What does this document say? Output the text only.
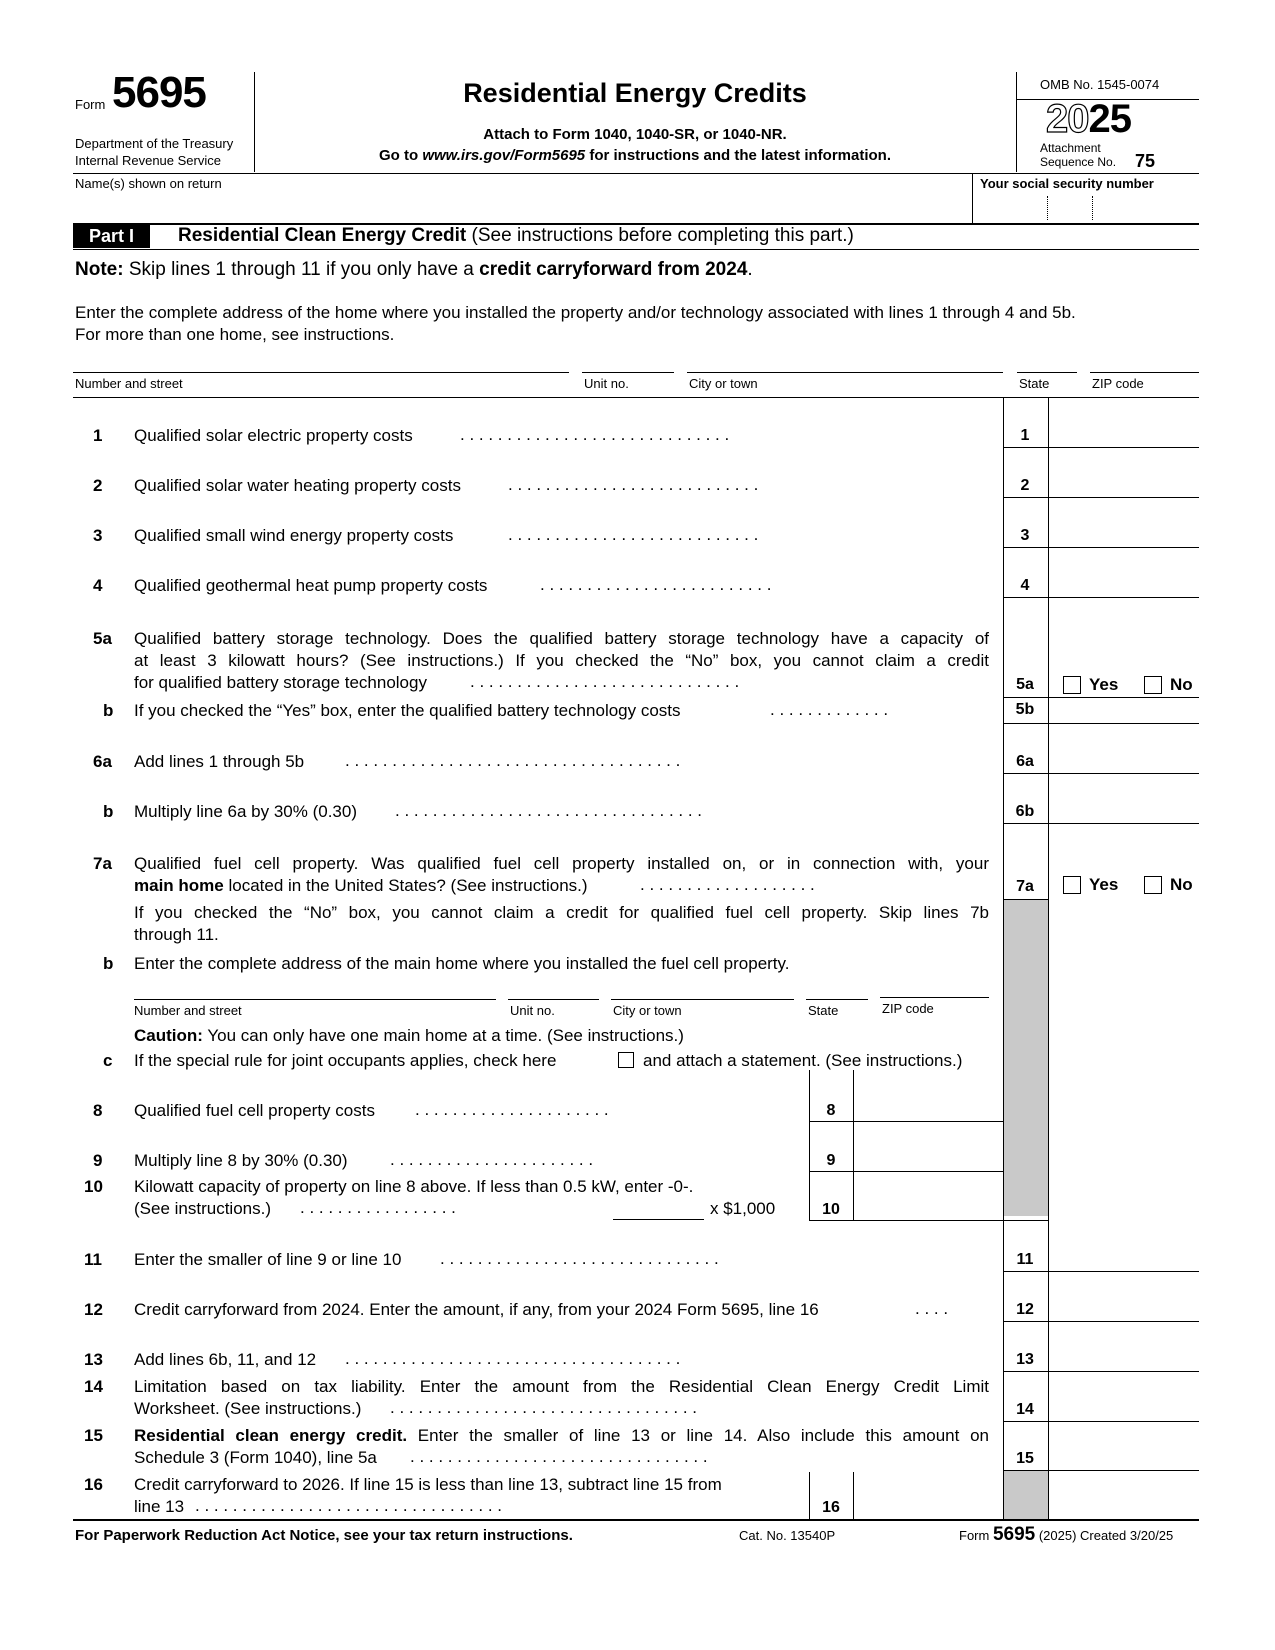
Form 5695
Department of the Treasury
Internal Revenue Service
Residential Energy Credits
Attach to Form 1040, 1040-SR, or 1040-NR.
Go to www.irs.gov/Form5695 for instructions and the latest information.
OMB No. 1545-0074
2025
Attachment
Sequence No. 75
Name(s) shown on return	Your social security number
Part I	Residential Clean Energy Credit (See instructions before completing this part.)
Note: Skip lines 1 through 11 if you only have a credit carryforward from 2024.
Enter the complete address of the home where you installed the property and/or technology associated with lines 1 through 4 and 5b.
For more than one home, see instructions.
Number and street	Unit no.	City or town	State	ZIP code
1 Qualified solar electric property costs	. . . . . . . . . . . . . . . . . . . . . . . . . . . . .	1
2 Qualified solar water heating property costs	. . . . . . . . . . . . . . . . . . . . . . . . . . .	2
3 Qualified small wind energy property costs	. . . . . . . . . . . . . . . . . . . . . . . . . . .	3
4 Qualified geothermal heat pump property costs	. . . . . . . . . . . . . . . . . . . . . . . . .	4
5a Qualified battery storage technology. Does the qualified battery storage technology have a capacity of
at least 3 kilowatt hours? (See instructions.) If you checked the “No” box, you cannot claim a credit
for qualified battery storage technology	. . . . . . . . . . . . . . . . . . . . . . . . . . . . .	5a	Yes	No
b If you checked the “Yes” box, enter the qualified battery technology costs	. . . . . . . . . . . . .	5b
6a Add lines 1 through 5b . . . . . . . . . . . . . . . . . . . . . . . . . . . . . . . . . . . .	6a
b Multiply line 6a by 30% (0.30) . . . . . . . . . . . . . . . . . . . . . . . . . . . . . . . . .	6b
7a Qualified fuel cell property. Was qualified fuel cell property installed on, or in connection with, your
main home located in the United States? (See instructions.)	. . . . . . . . . . . . . . . . . . .	7a	Yes	No
If you checked the “No” box, you cannot claim a credit for qualified fuel cell property. Skip lines 7b
through 11.
b Enter the complete address of the main home where you installed the fuel cell property.
Number and street	Unit no.	City or town	State	ZIP code
Caution: You can only have one main home at a time. (See instructions.)
c If the special rule for joint occupants applies, check here	and attach a statement. (See instructions.)
8 Qualified fuel cell property costs . . . . . . . . . . . . . . . . . . . . .	8
9 Multiply line 8 by 30% (0.30) . . . . . . . . . . . . . . . . . . . . . .	9
10 Kilowatt capacity of property on line 8 above. If less than 0.5 kW, enter -0-.
(See instructions.) . . . . . . . . . . . . . . . . .	x $1,000	10
11 Enter the smaller of line 9 or line 10 . . . . . . . . . . . . . . . . . . . . . . . . . . . . . .	11
12 Credit carryforward from 2024. Enter the amount, if any, from your 2024 Form 5695, line 16	. . . .	12
13 Add lines 6b, 11, and 12 . . . . . . . . . . . . . . . . . . . . . . . . . . . . . . . . . . . .	13
14 Limitation based on tax liability. Enter the amount from the Residential Clean Energy Credit Limit
Worksheet. (See instructions.) . . . . . . . . . . . . . . . . . . . . . . . . . . . . . . . . .	14
15 Residential clean energy credit. Enter the smaller of line 13 or line 14. Also include this amount on
Schedule 3 (Form 1040), line 5a . . . . . . . . . . . . . . . . . . . . . . . . . . . . . . . .	15
16 Credit carryforward to 2026. If line 15 is less than line 13, subtract line 15 from
line 13 . . . . . . . . . . . . . . . . . . . . . . . . . . . . . . . . .	16
For Paperwork Reduction Act Notice, see your tax return instructions.	Cat. No. 13540P	Form 5695 (2025) Created 3/20/25
